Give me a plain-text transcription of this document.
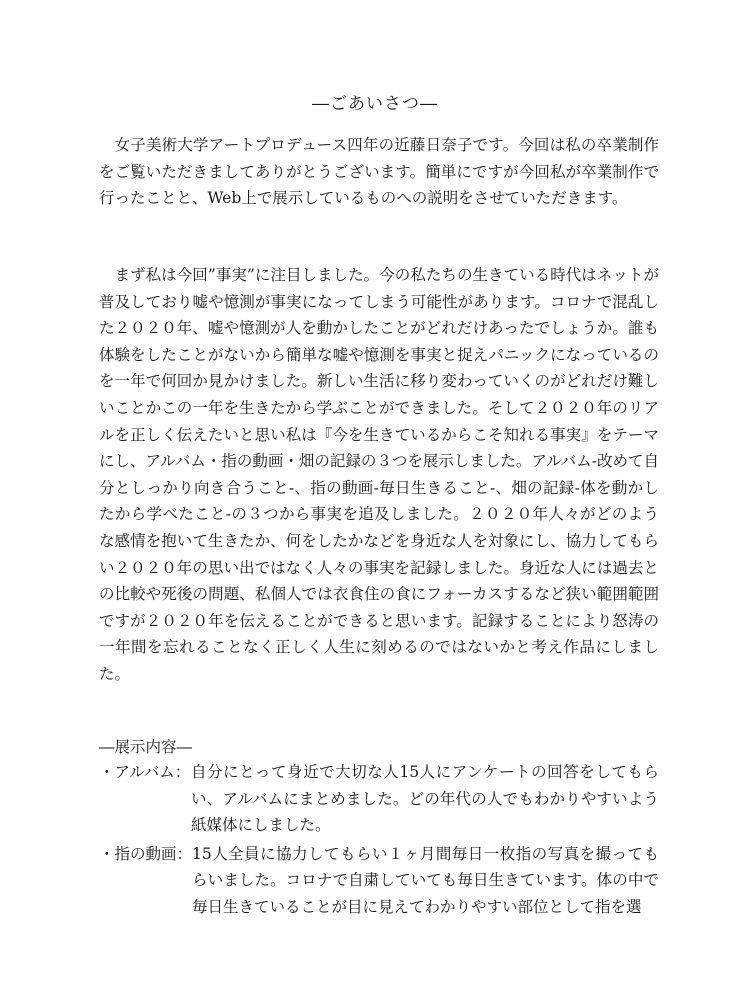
―ごあいさつ―

　女子美術大学アートプロデュース四年の近藤日奈子です。今回は私の卒業制作をご覧いただきましてありがとうございます。簡単にですが今回私が卒業制作で行ったことと、Web上で展示しているものへの説明をさせていただきます。

　まず私は今回”事実”に注目しました。今の私たちの生きている時代はネットが普及しており嘘や憶測が事実になってしまう可能性があります。コロナで混乱した２０２０年、嘘や憶測が人を動かしたことがどれだけあったでしょうか。誰も体験をしたことがないから簡単な嘘や憶測を事実と捉えパニックになっているのを一年で何回か見かけました。新しい生活に移り変わっていくのがどれだけ難しいことかこの一年を生きたから学ぶことができました。そして２０２０年のリアルを正しく伝えたいと思い私は『今を生きているからこそ知れる事実』をテーマにし、アルバム・指の動画・畑の記録の３つを展示しました。アルバム-改めて自分としっかり向き合うこと-、指の動画-毎日生きること-、畑の記録-体を動かしたから学べたこと-の３つから事実を追及しました。２０２０年人々がどのような感情を抱いて生きたか、何をしたかなどを身近な人を対象にし、協力してもらい２０２０年の思い出ではなく人々の事実を記録しました。身近な人には過去との比較や死後の問題、私個人では衣食住の食にフォーカスするなど狭い範囲範囲ですが２０２０年を伝えることができると思います。記録することにより怒涛の一年間を忘れることなく正しく人生に刻めるのではないかと考え作品にしました。

―展示内容―
・アルバム： 自分にとって身近で大切な人15人にアンケートの回答をしてもらい、アルバムにまとめました。どの年代の人でもわかりやすいよう紙媒体にしました。
・指の動画： 15人全員に協力してもらい１ヶ月間毎日一枚指の写真を撮ってもらいました。コロナで自粛していても毎日生きています。体の中で毎日生きていることが目に見えてわかりやすい部位として指を選
